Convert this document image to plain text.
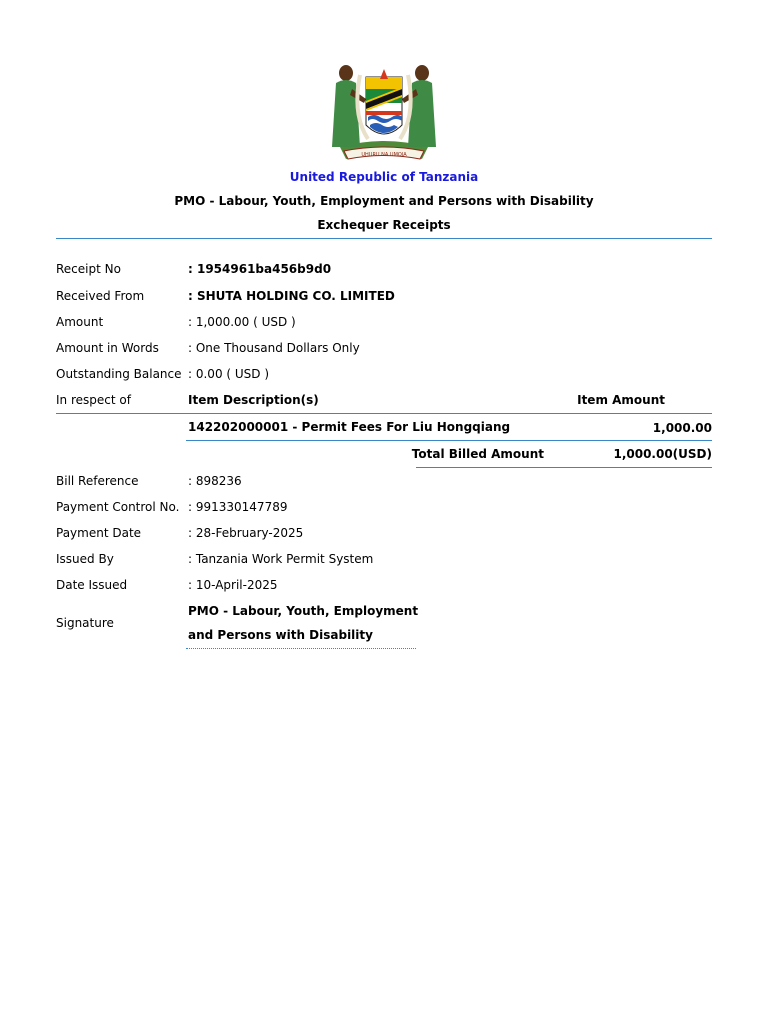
UHURU NA UMOJA
United Republic of Tanzania
PMO - Labour, Youth, Employment and Persons with Disability
Exchequer Receipts
Receipt No	: 1954961ba456b9d0
Received From	: SHUTA HOLDING CO. LIMITED
Amount	: 1,000.00 ( USD )
Amount in Words : One Thousand Dollars Only
Outstanding Balance : 0.00 ( USD )
In respect of	Item Description(s)	Item Amount
142202000001 - Permit Fees For Liu Hongqiang	1,000.00
Total Billed Amount	1,000.00(USD)
Bill Reference	: 898236
Payment Control No. : 991330147789
Payment Date	: 28-February-2025
Issued By	: Tanzania Work Permit System
Date Issued	: 10-April-2025
Signature
PMO - Labour, Youth, Employment
and Persons with Disability
